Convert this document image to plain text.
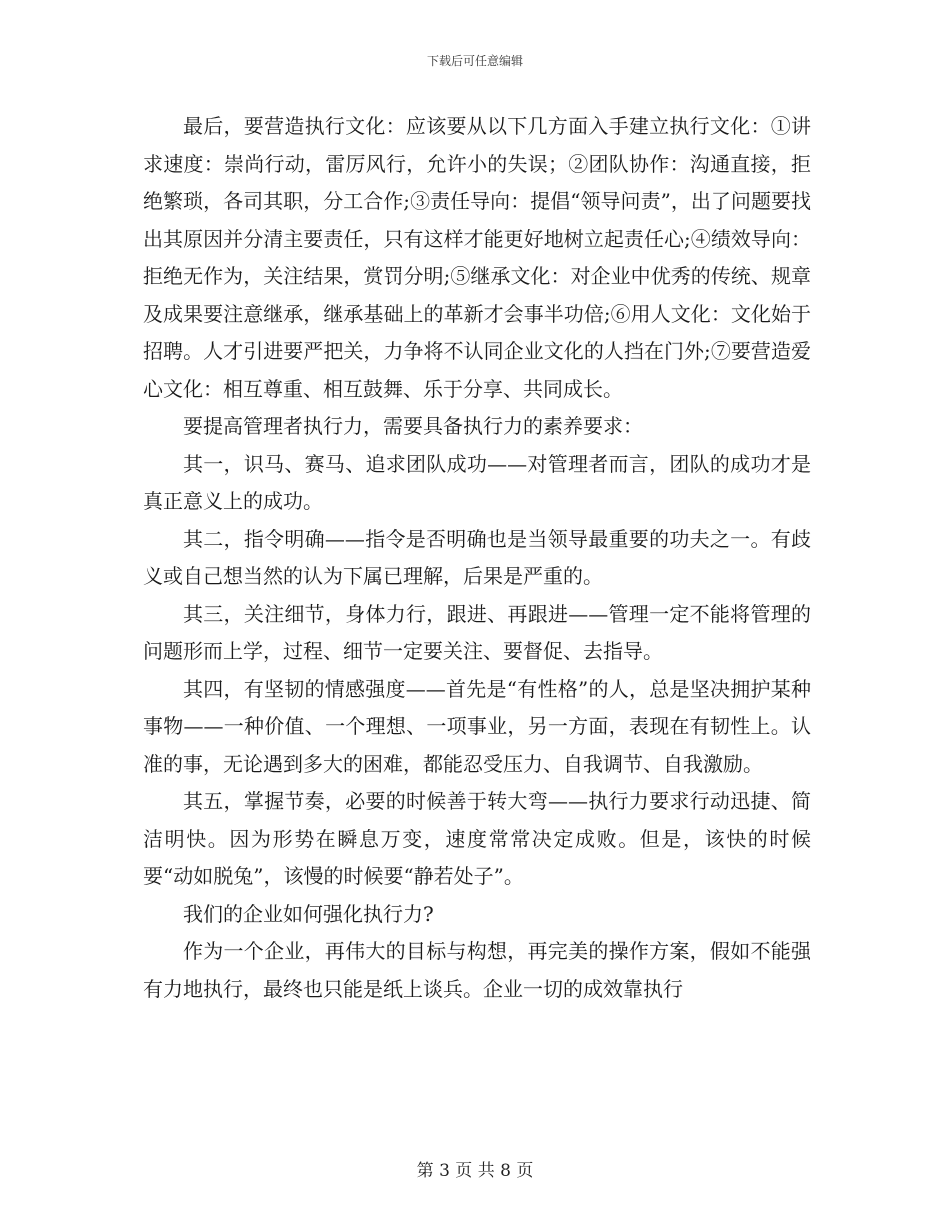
下载后可任意编辑

最后，要营造执行文化：应该要从以下几方面入手建立执行文化：①讲求速度：崇尚行动，雷厉风行，允许小的失误；②团队协作：沟通直接，拒绝繁琐，各司其职，分工合作;③责任导向：提倡“领导问责”，出了问题要找出其原因并分清主要责任，只有这样才能更好地树立起责任心;④绩效导向：拒绝无作为，关注结果，赏罚分明;⑤继承文化：对企业中优秀的传统、规章及成果要注意继承，继承基础上的革新才会事半功倍;⑥用人文化：文化始于招聘。人才引进要严把关，力争将不认同企业文化的人挡在门外;⑦要营造爱心文化：相互尊重、相互鼓舞、乐于分享、共同成长。

要提高管理者执行力，需要具备执行力的素养要求：

其一，识马、赛马、追求团队成功——对管理者而言，团队的成功才是真正意义上的成功。

其二，指令明确——指令是否明确也是当领导最重要的功夫之一。有歧义或自己想当然的认为下属已理解，后果是严重的。

其三，关注细节，身体力行，跟进、再跟进——管理一定不能将管理的问题形而上学，过程、细节一定要关注、要督促、去指导。

其四，有坚韧的情感强度——首先是“有性格”的人，总是坚决拥护某种事物——一种价值、一个理想、一项事业，另一方面，表现在有韧性上。认准的事，无论遇到多大的困难，都能忍受压力、自我调节、自我激励。

其五，掌握节奏，必要的时候善于转大弯——执行力要求行动迅捷、简洁明快。因为形势在瞬息万变，速度常常决定成败。但是，该快的时候要“动如脱兔”，该慢的时候要“静若处子”。

我们的企业如何强化执行力?

作为一个企业，再伟大的目标与构想，再完美的操作方案，假如不能强有力地执行，最终也只能是纸上谈兵。企业一切的成效靠执行

第 3 页 共 8 页
